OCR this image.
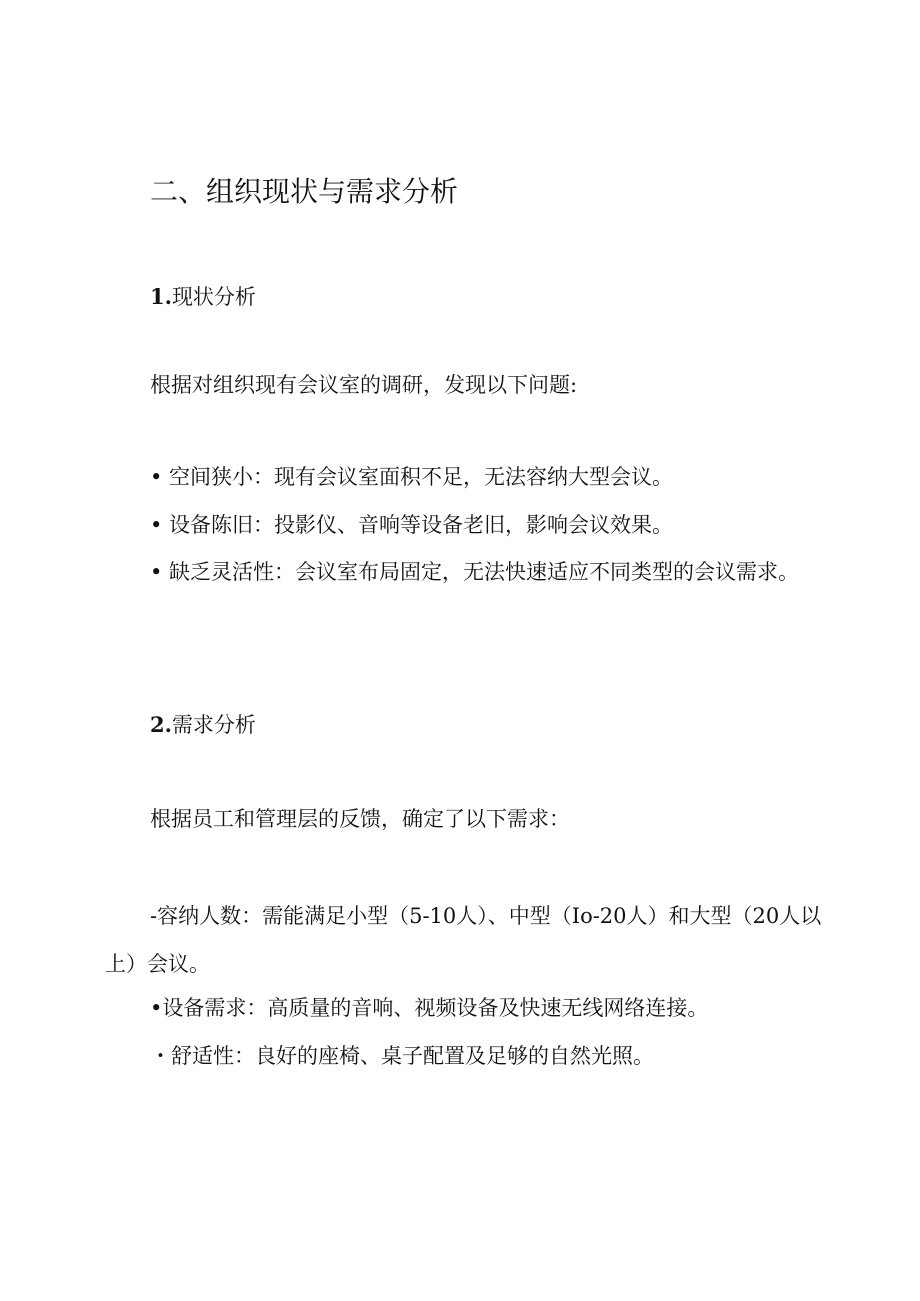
二、组织现状与需求分析

1.现状分析

根据对组织现有会议室的调研，发现以下问题:

• 空间狭小：现有会议室面积不足，无法容纳大型会议。

• 设备陈旧：投影仪、音响等设备老旧，影响会议效果。

• 缺乏灵活性：会议室布局固定，无法快速适应不同类型的会议需求。

2.需求分析

根据员工和管理层的反馈，确定了以下需求：

-容纳人数：需能满足小型（5-10人）、中型（Io-20人）和大型（20人以上）会议。

•设备需求：高质量的音响、视频设备及快速无线网络连接。

・舒适性：良好的座椅、桌子配置及足够的自然光照。
